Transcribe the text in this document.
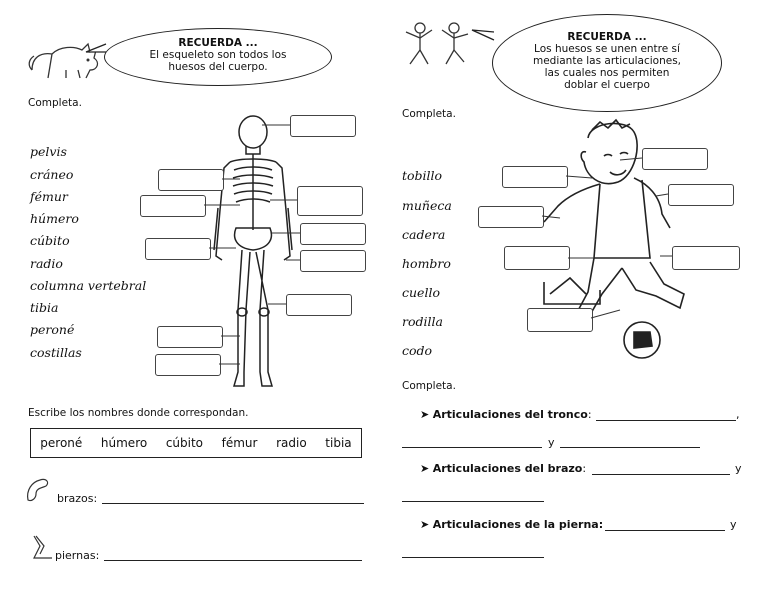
RECUERDA ...
El esqueleto son todos los
huesos del cuerpo.
Completa.
pelvis
cráneo
fémur
húmero
cúbito
radio
columna vertebral
tibia
peroné
costillas
Escribe los nombres donde correspondan.
peroné húmero cúbito fémur radio tibia
brazos:
piernas:
RECUERDA ...
Los huesos se unen entre sí
mediante las articulaciones,
las cuales nos permiten
doblar el cuerpo
Completa.
tobillo
muñeca
cadera
hombro
cuello
rodilla
codo
Completa.
➤ Articulaciones del tronco:	,
y
➤ Articulaciones del brazo:	y
➤ Articulaciones de la pierna:	y
